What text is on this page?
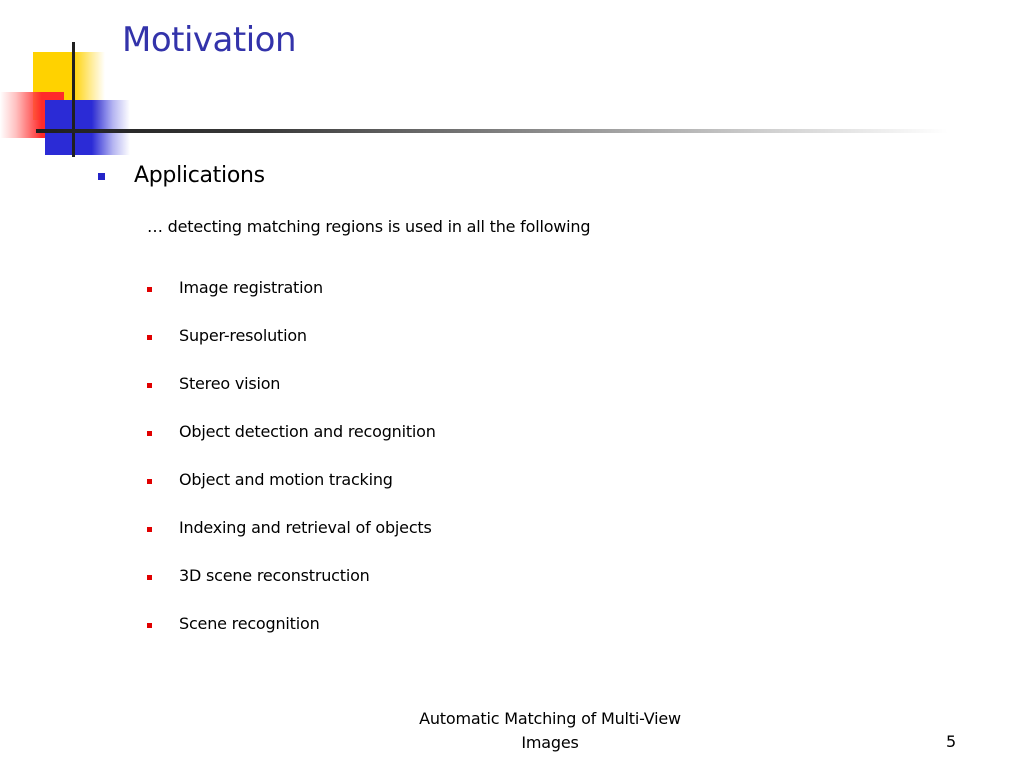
Motivation
Applications
… detecting matching regions is used in all the following
Image registration
Super-resolution
Stereo vision
Object detection and recognition
Object and motion tracking
Indexing and retrieval of objects
3D scene reconstruction
Scene recognition
Automatic Matching of Multi-View
Images	5
